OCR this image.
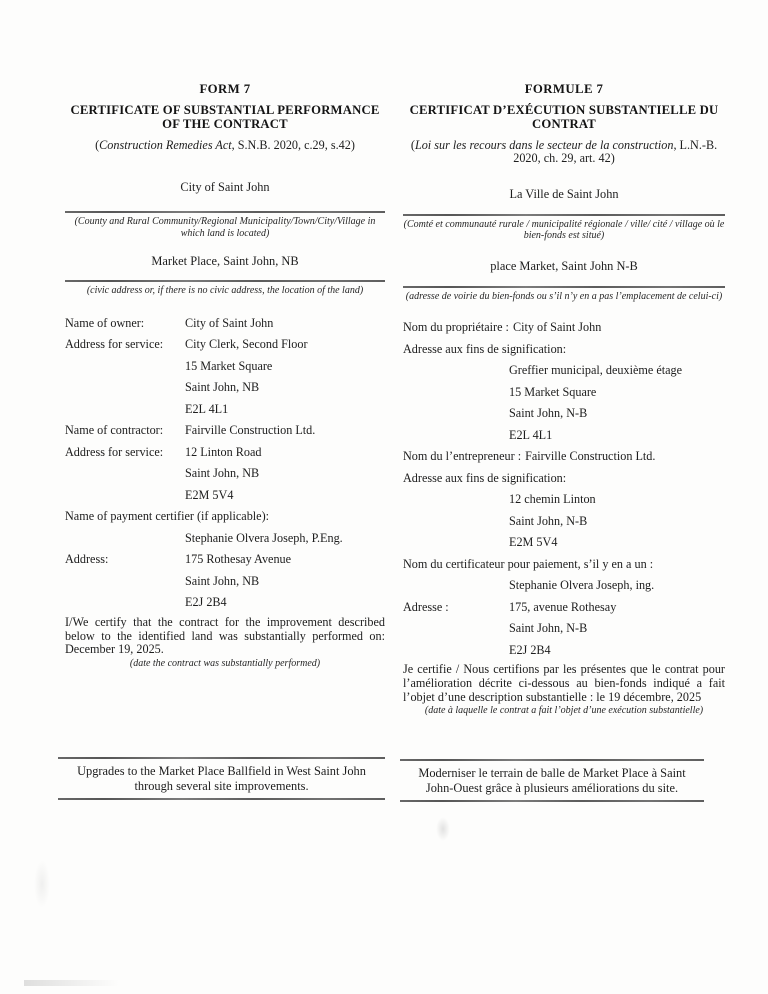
FORM 7
CERTIFICATE OF SUBSTANTIAL PERFORMANCE OF THE CONTRACT
(Construction Remedies Act, S.N.B. 2020, c.29, s.42)
City of Saint John
(County and Rural Community/Regional Municipality/Town/City/Village in which land is located)
Market Place, Saint John, NB
(civic address or, if there is no civic address, the location of the land)
Name of owner:	City of Saint John
Address for service: City Clerk, Second Floor
15 Market Square
Saint John, NB
E2L 4L1
Name of contractor: Fairville Construction Ltd.
Address for service: 12 Linton Road
Saint John, NB
E2M 5V4
Name of payment certifier (if applicable):
Stephanie Olvera Joseph, P.Eng.
Address:	175 Rothesay Avenue
Saint John, NB
E2J 2B4
I/We certify that the contract for the improvement described below to the identified land was substantially performed on: December 19, 2025.
(date the contract was substantially performed)
FORMULE 7
CERTIFICAT D’EXÉCUTION SUBSTANTIELLE DU CONTRAT
(Loi sur les recours dans le secteur de la construction, L.N.-B. 2020, ch. 29, art. 42)
La Ville de Saint John
(Comté et communauté rurale / municipalité régionale / ville/ cité / village où le bien-fonds est situé)
place Market, Saint John N-B
(adresse de voirie du bien-fonds ou s’il n’y en a pas l’emplacement de celui-ci)
Nom du propriétaire : City of Saint John
Adresse aux fins de signification:
Greffier municipal, deuxième étage
15 Market Square
Saint John, N-B
E2L 4L1
Nom du l’entrepreneur : Fairville Construction Ltd.
Adresse aux fins de signification:
12 chemin Linton
Saint John, N-B
E2M 5V4
Nom du certificateur pour paiement, s’il y en a un :
Stephanie Olvera Joseph, ing.
Adresse :	175, avenue Rothesay
Saint John, N-B
E2J 2B4
Je certifie / Nous certifions par les présentes que le contrat pour l’amélioration décrite ci-dessous au bien-fonds indiqué a fait l’objet d’une description substantielle : le 19 décembre, 2025
(date à laquelle le contrat a fait l’objet d’une exécution substantielle)
Upgrades to the Market Place Ballfield in West Saint John through several site improvements.
Moderniser le terrain de balle de Market Place à Saint John-Ouest grâce à plusieurs améliorations du site.
